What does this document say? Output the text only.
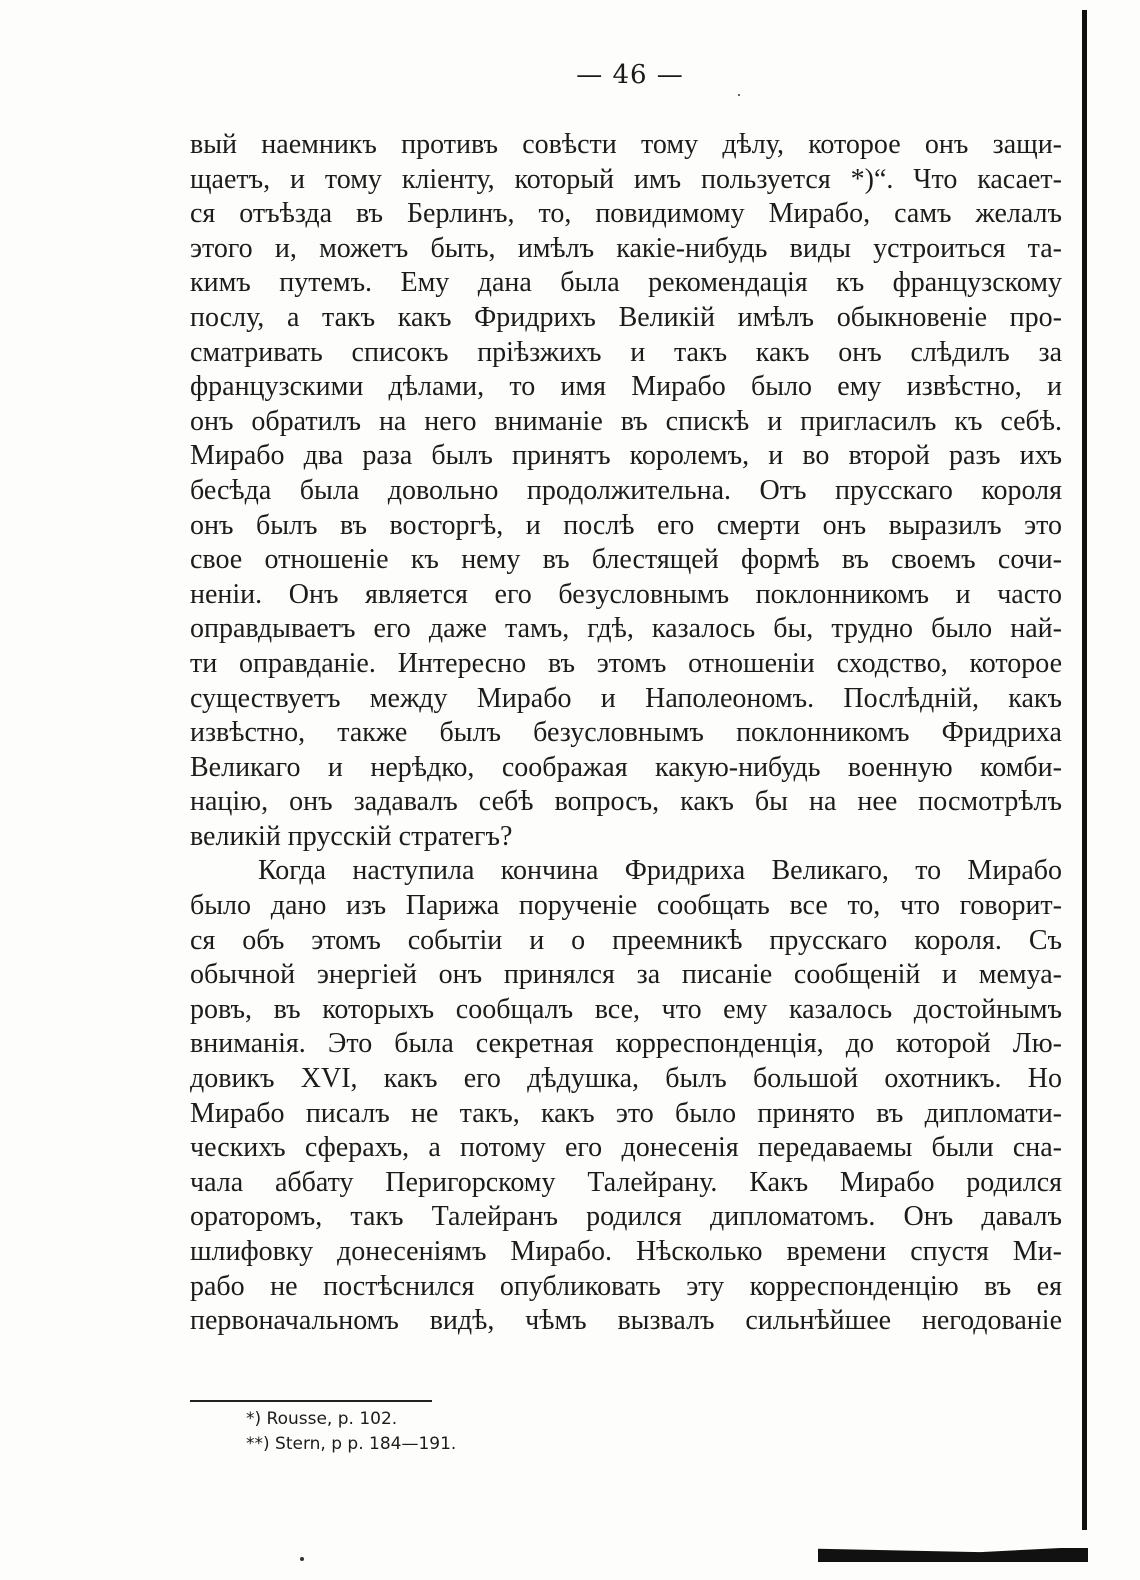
— 46 —
вый наемникъ противъ совѣсти тому дѣлу, которое онъ защи-
щаетъ, и тому кліенту, который имъ пользуется *)“. Что касает-
ся отъѣзда въ Берлинъ, то, повидимому Мирабо, самъ желалъ
этого и, можетъ быть, имѣлъ какіе-нибудь виды устроиться та-
кимъ путемъ. Ему дана была рекомендація къ французскому
послу, а такъ какъ Фридрихъ Великій имѣлъ обыкновеніе про-
сматривать списокъ пріѣзжихъ и такъ какъ онъ слѣдилъ за
французскими дѣлами, то имя Мирабо было ему извѣстно, и
онъ обратилъ на него вниманіе въ спискѣ и пригласилъ къ себѣ.
Мирабо два раза былъ принятъ королемъ, и во второй разъ ихъ
бесѣда была довольно продолжительна. Отъ прусскаго короля
онъ былъ въ восторгѣ, и послѣ его смерти онъ выразилъ это
свое отношеніе къ нему въ блестящей формѣ въ своемъ сочи-
неніи. Онъ является его безусловнымъ поклонникомъ и часто
оправдываетъ его даже тамъ, гдѣ, казалось бы, трудно было най-
ти оправданіе. Интересно въ этомъ отношеніи сходство, которое
существуетъ между Мирабо и Наполеономъ. Послѣдній, какъ
извѣстно, также былъ безусловнымъ поклонникомъ Фридриха
Великаго и нерѣдко, соображая какую-нибудь военную комби-
націю, онъ задавалъ себѣ вопросъ, какъ бы на нее посмотрѣлъ
великій прусскій стратегъ?
Когда наступила кончина Фридриха Великаго, то Мирабо
было дано изъ Парижа порученіе сообщать все то, что говорит-
ся объ этомъ событіи и о преемникѣ прусскаго короля. Съ
обычной энергіей онъ принялся за писаніе сообщеній и мемуа-
ровъ, въ которыхъ сообщалъ все, что ему казалось достойнымъ
вниманія. Это была секретная корреспонденція, до которой Лю-
довикъ XVI, какъ его дѣдушка, былъ большой охотникъ. Но
Мирабо писалъ не такъ, какъ это было принято въ дипломати-
ческихъ сферахъ, а потому его донесенія передаваемы были сна-
чала аббату Перигорскому Талейрану. Какъ Мирабо родился
ораторомъ, такъ Талейранъ родился дипломатомъ. Онъ давалъ
шлифовку донесеніямъ Мирабо. Нѣсколько времени спустя Ми-
рабо не постѣснился опубликовать эту корреспонденцію въ ея
первоначальномъ видѣ, чѣмъ вызвалъ сильнѣйшее негодованіе
*) Rousse, p. 102.
**) Stern, p p. 184—191.
